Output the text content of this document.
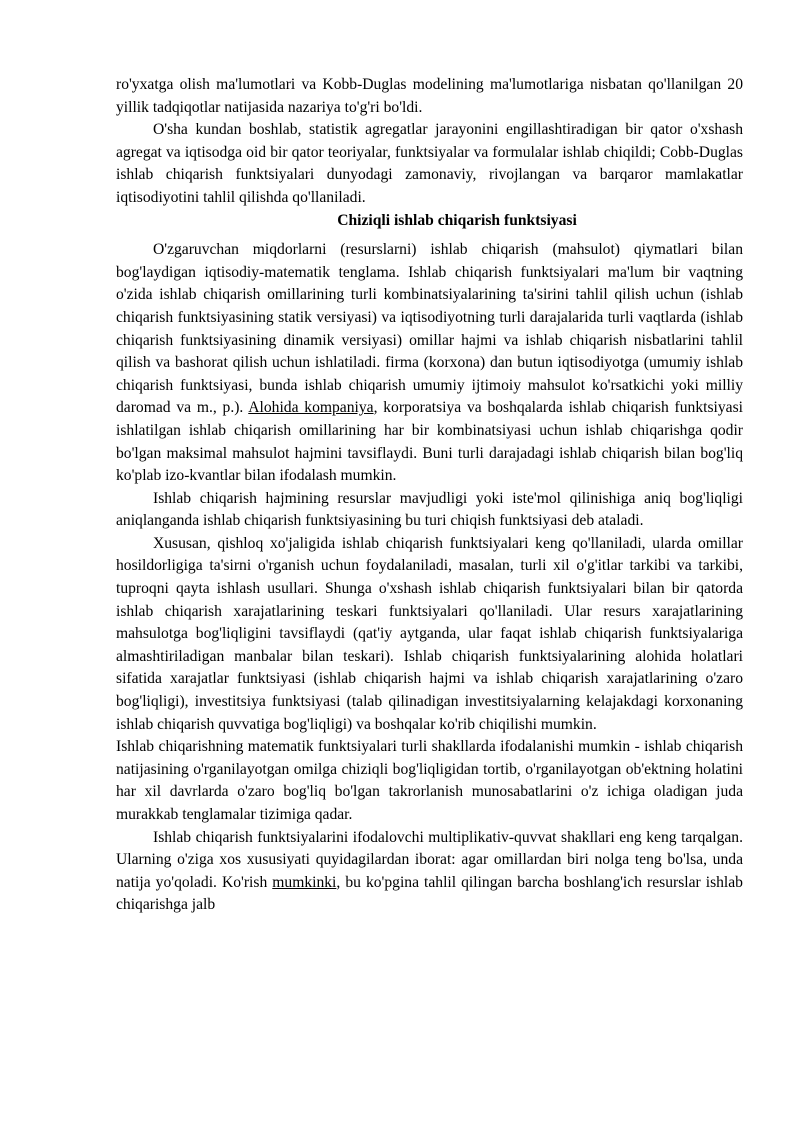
ro'yxatga olish ma'lumotlari va Kobb-Duglas modelining ma'lumotlariga nisbatan qo'llanilgan 20 yillik tadqiqotlar natijasida nazariya to'g'ri bo'ldi.

O'sha kundan boshlab, statistik agregatlar jarayonini engillashtiradigan bir qator o'xshash agregat va iqtisodga oid bir qator teoriyalar, funktsiyalar va formulalar ishlab chiqildi; Cobb-Duglas ishlab chiqarish funktsiyalari dunyodagi zamonaviy, rivojlangan va barqaror mamlakatlar iqtisodiyotini tahlil qilishda qo'llaniladi.

Chiziqli ishlab chiqarish funktsiyasi

O'zgaruvchan miqdorlarni (resurslarni) ishlab chiqarish (mahsulot) qiymatlari bilan bog'laydigan iqtisodiy-matematik tenglama. Ishlab chiqarish funktsiyalari ma'lum bir vaqtning o'zida ishlab chiqarish omillarining turli kombinatsiyalarining ta'sirini tahlil qilish uchun (ishlab chiqarish funktsiyasining statik versiyasi) va iqtisodiyotning turli darajalarida turli vaqtlarda (ishlab chiqarish funktsiyasining dinamik versiyasi) omillar hajmi va ishlab chiqarish nisbatlarini tahlil qilish va bashorat qilish uchun ishlatiladi. firma (korxona) dan butun iqtisodiyotga (umumiy ishlab chiqarish funktsiyasi, bunda ishlab chiqarish umumiy ijtimoiy mahsulot ko'rsatkichi yoki milliy daromad va m., p.). Alohida kompaniya, korporatsiya va boshqalarda ishlab chiqarish funktsiyasi ishlatilgan ishlab chiqarish omillarining har bir kombinatsiyasi uchun ishlab chiqarishga qodir bo'lgan maksimal mahsulot hajmini tavsiflaydi. Buni turli darajadagi ishlab chiqarish bilan bog'liq ko'plab izo-kvantlar bilan ifodalash mumkin.

Ishlab chiqarish hajmining resurslar mavjudligi yoki iste'mol qilinishiga aniq bog'liqligi aniqlanganda ishlab chiqarish funktsiyasining bu turi chiqish funktsiyasi deb ataladi.

Xususan, qishloq xo'jaligida ishlab chiqarish funktsiyalari keng qo'llaniladi, ularda omillar hosildorligiga ta'sirni o'rganish uchun foydalaniladi, masalan, turli xil o'g'itlar tarkibi va tarkibi, tuproqni qayta ishlash usullari. Shunga o'xshash ishlab chiqarish funktsiyalari bilan bir qatorda ishlab chiqarish xarajatlarining teskari funktsiyalari qo'llaniladi. Ular resurs xarajatlarining mahsulotga bog'liqligini tavsiflaydi (qat'iy aytganda, ular faqat ishlab chiqarish funktsiyalariga almashtiriladigan manbalar bilan teskari). Ishlab chiqarish funktsiyalarining alohida holatlari sifatida xarajatlar funktsiyasi (ishlab chiqarish hajmi va ishlab chiqarish xarajatlarining o'zaro bog'liqligi), investitsiya funktsiyasi (talab qilinadigan investitsiyalarning kelajakdagi korxonaning ishlab chiqarish quvvatiga bog'liqligi) va boshqalar ko'rib chiqilishi mumkin.

Ishlab chiqarishning matematik funktsiyalari turli shakllarda ifodalanishi mumkin - ishlab chiqarish natijasining o'rganilayotgan omilga chiziqli bog'liqligidan tortib, o'rganilayotgan ob'ektning holatini har xil davrlarda o'zaro bog'liq bo'lgan takrorlanish munosabatlarini o'z ichiga oladigan juda murakkab tenglamalar tizimiga qadar.

Ishlab chiqarish funktsiyalarini ifodalovchi multiplikativ-quvvat shakllari eng keng tarqalgan. Ularning o'ziga xos xususiyati quyidagilardan iborat: agar omillardan biri nolga teng bo'lsa, unda natija yo'qoladi. Ko'rish mumkinki, bu ko'pgina tahlil qilingan barcha boshlang'ich resurslar ishlab chiqarishga jalb
